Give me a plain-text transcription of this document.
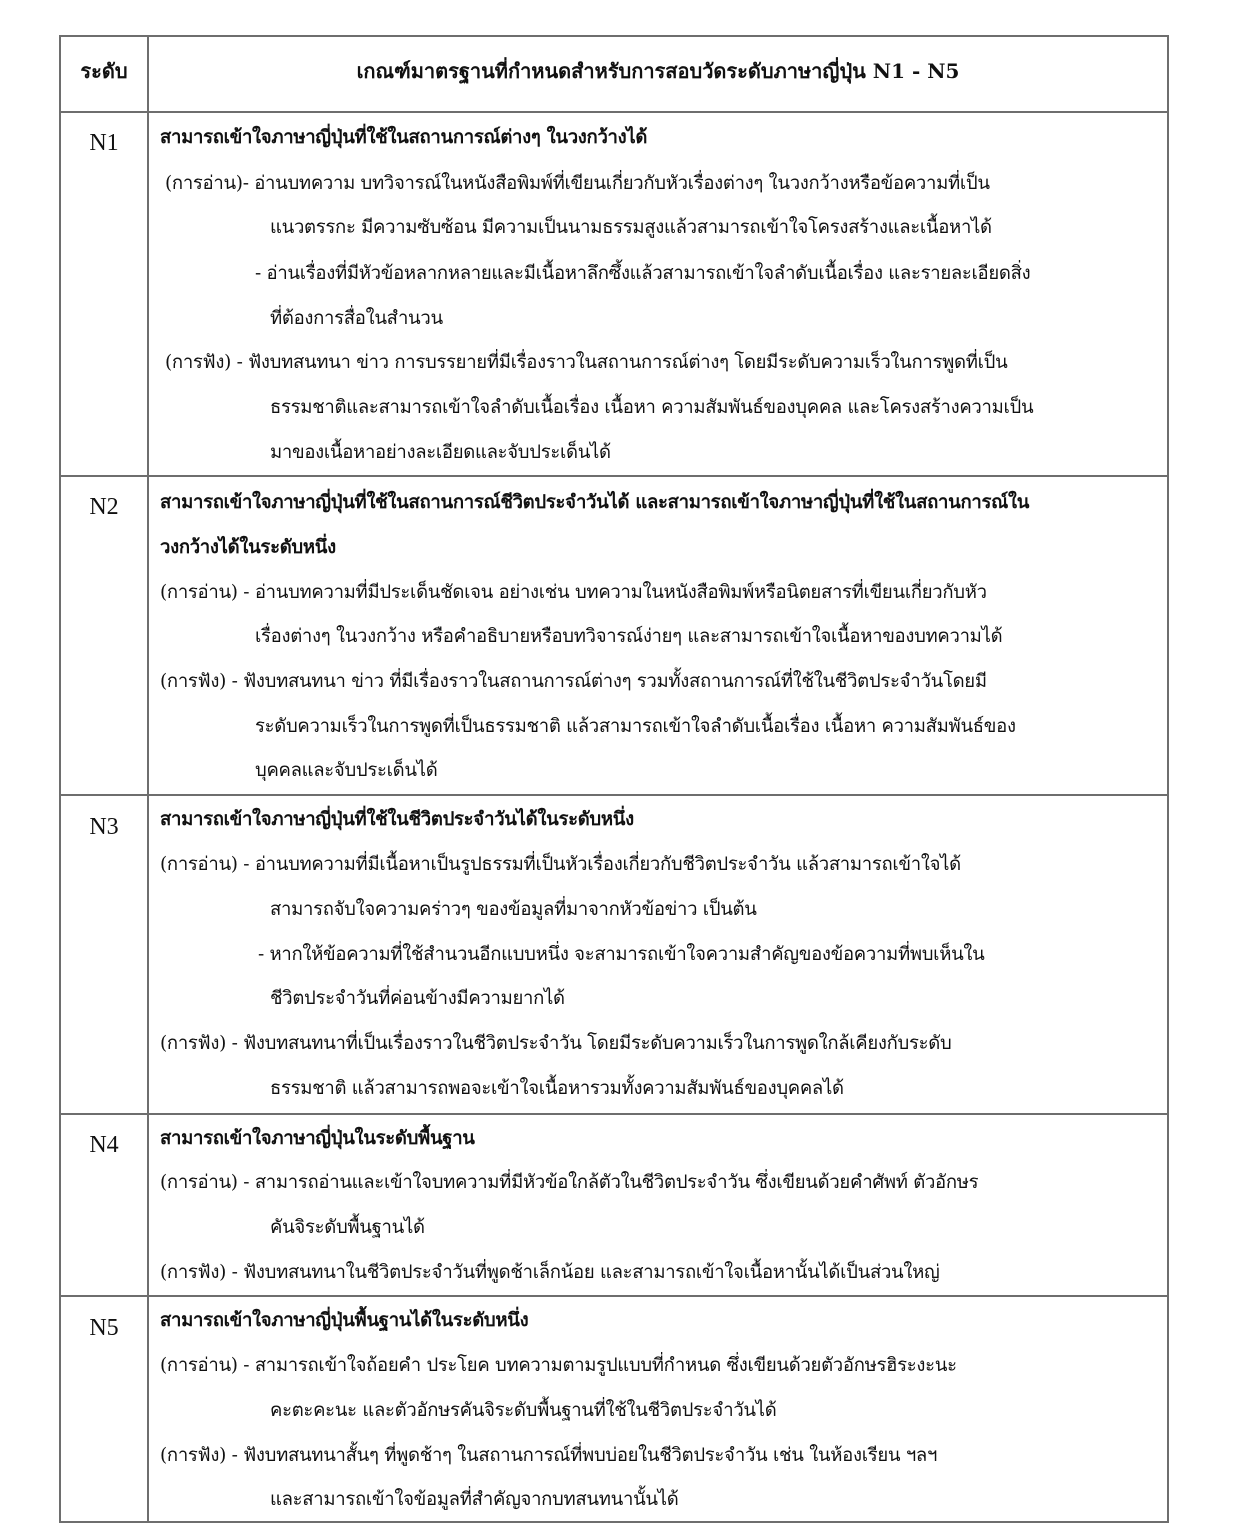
ระดับ	เกณฑ์มาตรฐานที่กำหนดสำหรับการสอบวัดระดับภาษาญี่ปุ่น N1 - N5
N1	สามารถเข้าใจภาษาญี่ปุ่นที่ใช้ในสถานการณ์ต่างๆ ในวงกว้างได้
(การอ่าน)- อ่านบทความ บทวิจารณ์ในหนังสือพิมพ์ที่เขียนเกี่ยวกับหัวเรื่องต่างๆ ในวงกว้างหรือข้อความที่เป็น
แนวตรรกะ มีความซับซ้อน มีความเป็นนามธรรมสูงแล้วสามารถเข้าใจโครงสร้างและเนื้อหาได้
- อ่านเรื่องที่มีหัวข้อหลากหลายและมีเนื้อหาลึกซึ้งแล้วสามารถเข้าใจลำดับเนื้อเรื่อง และรายละเอียดสิ่ง
ที่ต้องการสื่อในสำนวน
(การฟัง) - ฟังบทสนทนา ข่าว การบรรยายที่มีเรื่องราวในสถานการณ์ต่างๆ โดยมีระดับความเร็วในการพูดที่เป็น
ธรรมชาติและสามารถเข้าใจลำดับเนื้อเรื่อง เนื้อหา ความสัมพันธ์ของบุคคล และโครงสร้างความเป็น
มาของเนื้อหาอย่างละเอียดและจับประเด็นได้
N2	สามารถเข้าใจภาษาญี่ปุ่นที่ใช้ในสถานการณ์ชีวิตประจำวันได้ และสามารถเข้าใจภาษาญี่ปุ่นที่ใช้ในสถานการณ์ใน
วงกว้างได้ในระดับหนึ่ง
(การอ่าน) - อ่านบทความที่มีประเด็นชัดเจน อย่างเช่น บทความในหนังสือพิมพ์หรือนิตยสารที่เขียนเกี่ยวกับหัว
เรื่องต่างๆ ในวงกว้าง หรือคำอธิบายหรือบทวิจารณ์ง่ายๆ และสามารถเข้าใจเนื้อหาของบทความได้
(การฟัง) - ฟังบทสนทนา ข่าว ที่มีเรื่องราวในสถานการณ์ต่างๆ รวมทั้งสถานการณ์ที่ใช้ในชีวิตประจำวันโดยมี
ระดับความเร็วในการพูดที่เป็นธรรมชาติ แล้วสามารถเข้าใจลำดับเนื้อเรื่อง เนื้อหา ความสัมพันธ์ของ
บุคคลและจับประเด็นได้
N3	สามารถเข้าใจภาษาญี่ปุ่นที่ใช้ในชีวิตประจำวันได้ในระดับหนึ่ง
(การอ่าน) - อ่านบทความที่มีเนื้อหาเป็นรูปธรรมที่เป็นหัวเรื่องเกี่ยวกับชีวิตประจำวัน แล้วสามารถเข้าใจได้
สามารถจับใจความคร่าวๆ ของข้อมูลที่มาจากหัวข้อข่าว เป็นต้น
- หากให้ข้อความที่ใช้สำนวนอีกแบบหนึ่ง จะสามารถเข้าใจความสำคัญของข้อความที่พบเห็นใน
ชีวิตประจำวันที่ค่อนข้างมีความยากได้
(การฟัง) - ฟังบทสนทนาที่เป็นเรื่องราวในชีวิตประจำวัน โดยมีระดับความเร็วในการพูดใกล้เคียงกับระดับ
ธรรมชาติ แล้วสามารถพอจะเข้าใจเนื้อหารวมทั้งความสัมพันธ์ของบุคคลได้
N4	สามารถเข้าใจภาษาญี่ปุ่นในระดับพื้นฐาน
(การอ่าน) - สามารถอ่านและเข้าใจบทความที่มีหัวข้อใกล้ตัวในชีวิตประจำวัน ซึ่งเขียนด้วยคำศัพท์ ตัวอักษร
คันจิระดับพื้นฐานได้
(การฟัง) - ฟังบทสนทนาในชีวิตประจำวันที่พูดช้าเล็กน้อย และสามารถเข้าใจเนื้อหานั้นได้เป็นส่วนใหญ่
N5	สามารถเข้าใจภาษาญี่ปุ่นพื้นฐานได้ในระดับหนึ่ง
(การอ่าน) - สามารถเข้าใจถ้อยคำ ประโยค บทความตามรูปแบบที่กำหนด ซึ่งเขียนด้วยตัวอักษรฮิระงะนะ
คะตะคะนะ และตัวอักษรคันจิระดับพื้นฐานที่ใช้ในชีวิตประจำวันได้
(การฟัง) - ฟังบทสนทนาสั้นๆ ที่พูดช้าๆ ในสถานการณ์ที่พบบ่อยในชีวิตประจำวัน เช่น ในห้องเรียน ฯลฯ
และสามารถเข้าใจข้อมูลที่สำคัญจากบทสนทนานั้นได้
